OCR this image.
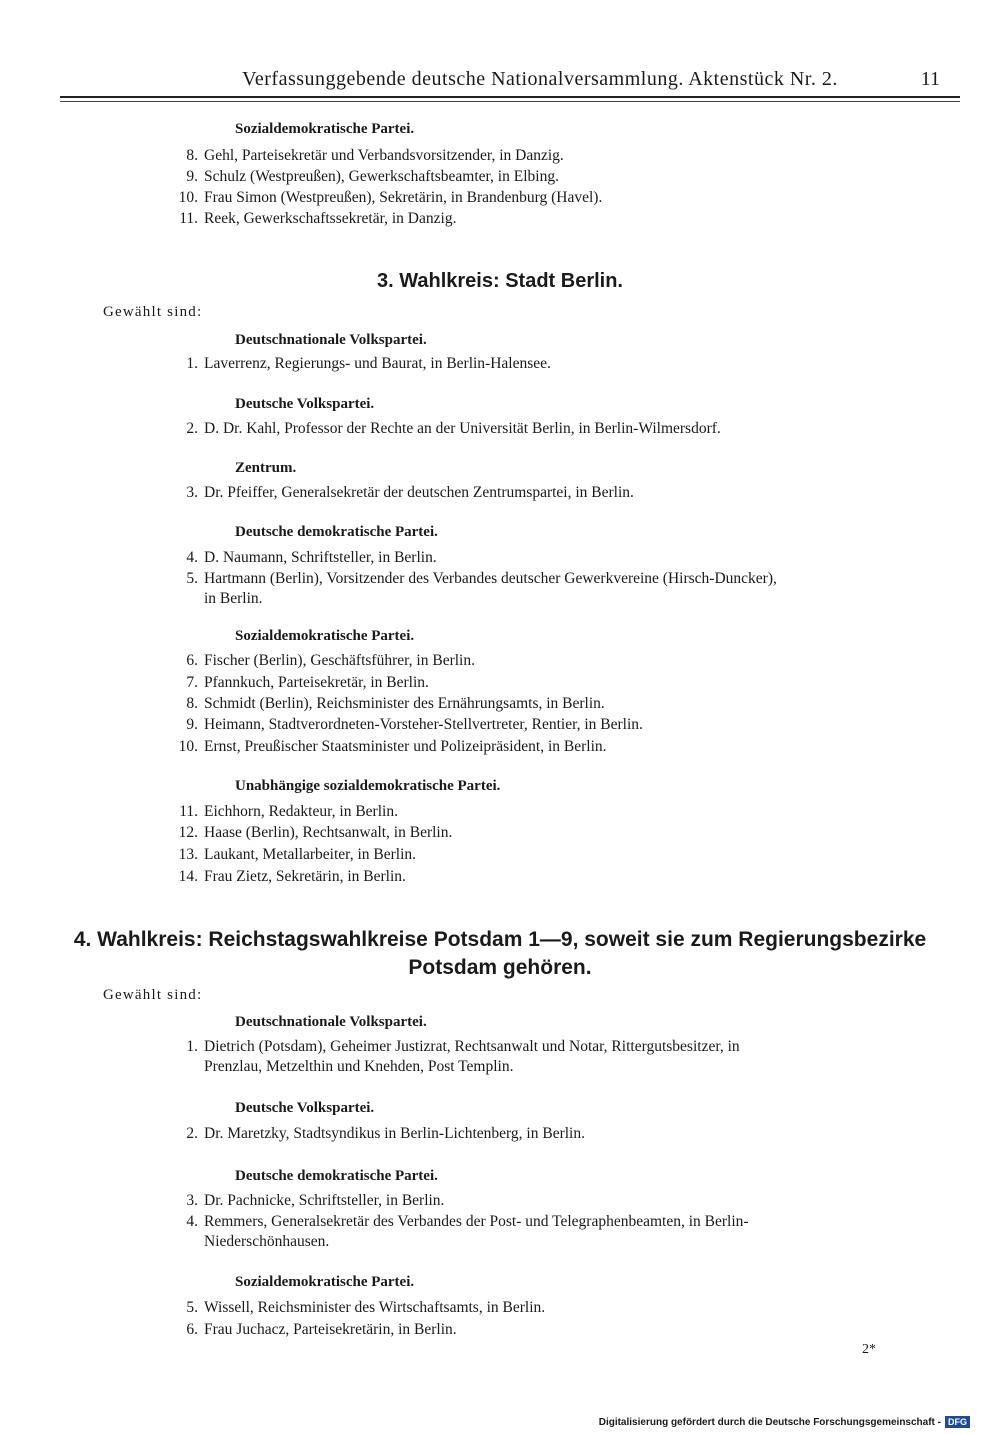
Verfassunggebende deutsche Nationalversammlung. Aktenstück Nr. 2.	11
Sozialdemokratische Partei.
8. Gehl, Parteisekretär und Verbandsvorsitzender, in Danzig.
9. Schulz (Westpreußen), Gewerkschaftsbeamter, in Elbing.
10. Frau Simon (Westpreußen), Sekretärin, in Brandenburg (Havel).
11. Reek, Gewerkschaftssekretär, in Danzig.
3. Wahlkreis: Stadt Berlin.
Gewählt sind:
Deutschnationale Volkspartei.
1. Laverrenz, Regierungs- und Baurat, in Berlin-Halensee.
Deutsche Volkspartei.
2. D. Dr. Kahl, Professor der Rechte an der Universität Berlin, in Berlin-Wilmersdorf.
Zentrum.
3. Dr. Pfeiffer, Generalsekretär der deutschen Zentrumspartei, in Berlin.
Deutsche demokratische Partei.
4. D. Naumann, Schriftsteller, in Berlin.
5. Hartmann (Berlin), Vorsitzender des Verbandes deutscher Gewerkvereine (Hirsch-Duncker),
in Berlin.
Sozialdemokratische Partei.
6. Fischer (Berlin), Geschäftsführer, in Berlin.
7. Pfannkuch, Parteisekretär, in Berlin.
8. Schmidt (Berlin), Reichsminister des Ernährungsamts, in Berlin.
9. Heimann, Stadtverordneten-Vorsteher-Stellvertreter, Rentier, in Berlin.
10. Ernst, Preußischer Staatsminister und Polizeipräsident, in Berlin.
Unabhängige sozialdemokratische Partei.
11. Eichhorn, Redakteur, in Berlin.
12. Haase (Berlin), Rechtsanwalt, in Berlin.
13. Laukant, Metallarbeiter, in Berlin.
14. Frau Zietz, Sekretärin, in Berlin.
4. Wahlkreis: Reichstagswahlkreise Potsdam 1—9, soweit sie zum Regierungsbezirke
Potsdam gehören.
Gewählt sind:
Deutschnationale Volkspartei.
1. Dietrich (Potsdam), Geheimer Justizrat, Rechtsanwalt und Notar, Rittergutsbesitzer, in
Prenzlau, Metzelthin und Knehden, Post Templin.
Deutsche Volkspartei.
2. Dr. Maretzky, Stadtsyndikus in Berlin-Lichtenberg, in Berlin.
Deutsche demokratische Partei.
3. Dr. Pachnicke, Schriftsteller, in Berlin.
4. Remmers, Generalsekretär des Verbandes der Post- und Telegraphenbeamten, in Berlin-
Niederschönhausen.
Sozialdemokratische Partei.
5. Wissell, Reichsminister des Wirtschaftsamts, in Berlin.
6. Frau Juchacz, Parteisekretärin, in Berlin.
2*
Digitalisierung gefördert durch die Deutsche Forschungsgemeinschaft - DFG
